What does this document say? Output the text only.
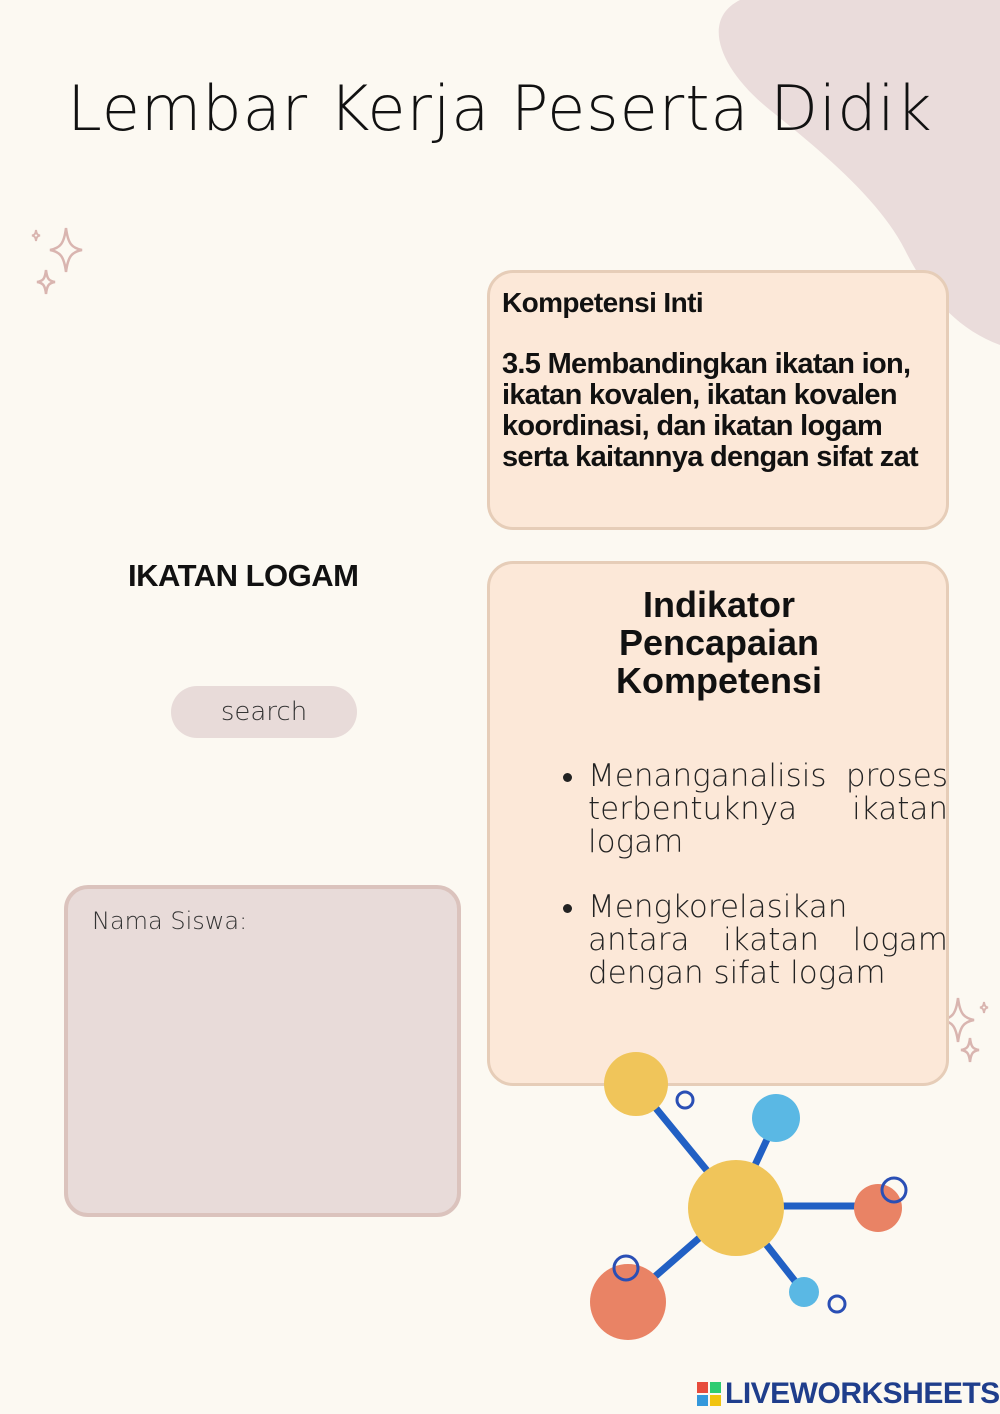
Lembar Kerja Peserta Didik
Kompetensi Inti
3.5 Membandingkan ikatan ion, ikatan kovalen, ikatan kovalen koordinasi, dan ikatan logam serta kaitannya dengan sifat zat
IKATAN LOGAM
search
Nama Siswa:
Indikator
Pencapaian
Kompetensi
• Menanganalisis proses terbentuknya ikatan logam
• Mengkorelasikan antara ikatan logam dengan sifat logam
LIVEWORKSHEETS
